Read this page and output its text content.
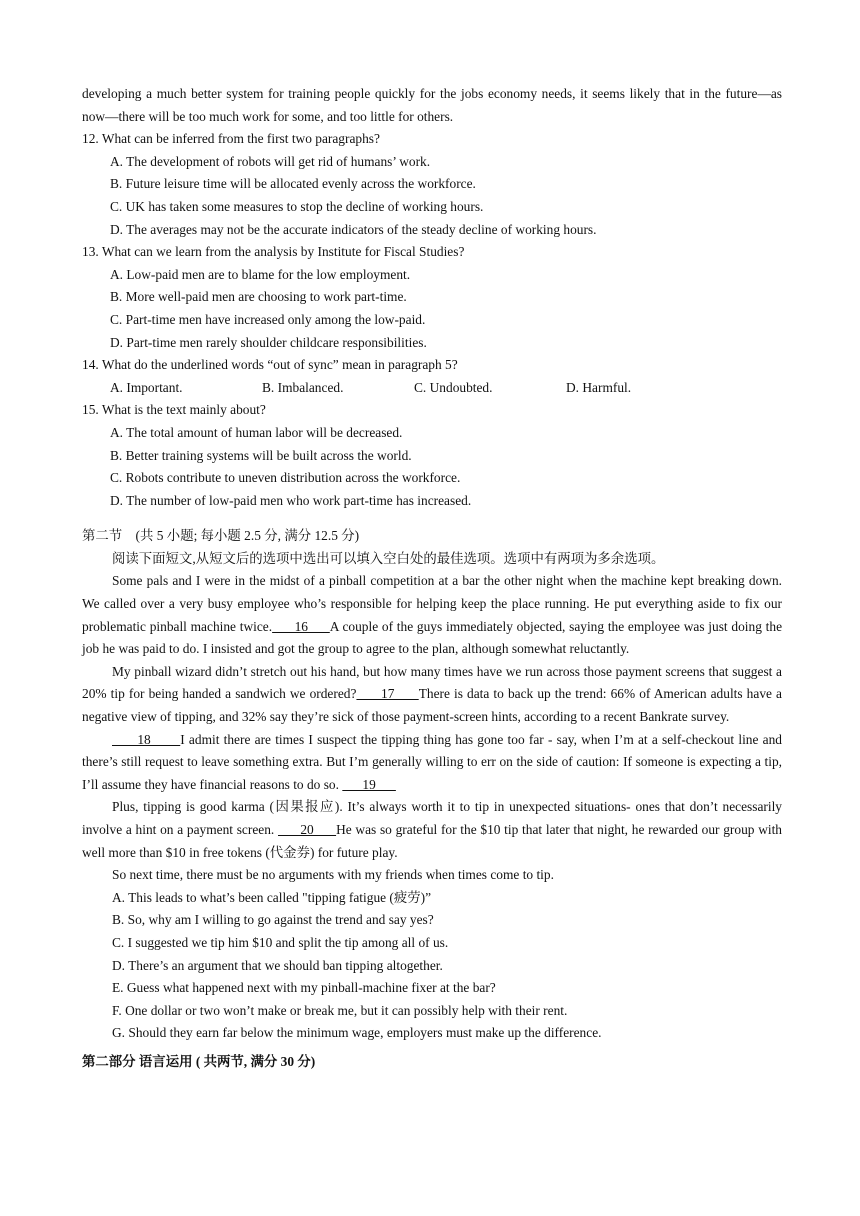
developing a much better system for training people quickly for the jobs economy needs, it seems likely that in the future—as now—there will be too much work for some, and too little for others.

12. What can be inferred from the first two paragraphs?

A. The development of robots will get rid of humans’ work.

B. Future leisure time will be allocated evenly across the workforce.

C. UK has taken some measures to stop the decline of working hours.

D. The averages may not be the accurate indicators of the steady decline of working hours.

13. What can we learn from the analysis by Institute for Fiscal Studies?

A. Low-paid men are to blame for the low employment.

B. More well-paid men are choosing to work part-time.

C. Part-time men have increased only among the low-paid.

D. Part-time men rarely shoulder childcare responsibilities.

14. What do the underlined words “out of sync” mean in paragraph 5?

A. Important.	B. Imbalanced.	C. Undoubted.	D. Harmful.

15. What is the text mainly about?

A. The total amount of human labor will be decreased.

B. Better training systems will be built across the world.

C. Robots contribute to uneven distribution across the workforce.

D. The number of low-paid men who work part-time has increased.

第二节　(共 5 小题; 每小题 2.5 分, 满分 12.5 分)

阅读下面短文,从短文后的选项中选出可以填入空白处的最佳选项。选项中有两项为多余选项。

Some pals and I were in the midst of a pinball competition at a bar the other night when the machine kept breaking down. We called over a very busy employee who’s responsible for helping keep the place running. He put everything aside to fix our problematic pinball machine twice.      16      A couple of the guys immediately objected, saying the employee was just doing the job he was paid to do. I insisted and got the group to agree to the plan, although somewhat reluctantly.

My pinball wizard didn’t stretch out his hand, but how many times have we run across those payment screens that suggest a 20% tip for being handed a sandwich we ordered?      17      There is data to back up the trend: 66% of American adults have a negative view of tipping, and 32% say they’re sick of those payment-screen hints, according to a recent Bankrate survey.

18       I admit there are times I suspect the tipping thing has gone too far - say, when I’m at a self-checkout line and there’s still request to leave something extra. But I’m generally willing to err on the side of caution: If someone is expecting a tip, I’ll assume they have financial reasons to do so.       19

Plus, tipping is good karma (因果报应). It’s always worth it to tip in unexpected situations- ones that don’t necessarily involve a hint on a payment screen.       20      He was so grateful for the $10 tip that later that night, he rewarded our group with well more than $10 in free tokens (代金券) for future play.

So next time, there must be no arguments with my friends when times come to tip.

A. This leads to what’s been called "tipping fatigue (疲劳)”

B. So, why am I willing to go against the trend and say yes?

C. I suggested we tip him $10 and split the tip among all of us.

D. There’s an argument that we should ban tipping altogether.

E. Guess what happened next with my pinball-machine fixer at the bar?

F. One dollar or two won’t make or break me, but it can possibly help with their rent.

G. Should they earn far below the minimum wage, employers must make up the difference.

第二部分 语言运用 ( 共两节, 满分 30 分)
